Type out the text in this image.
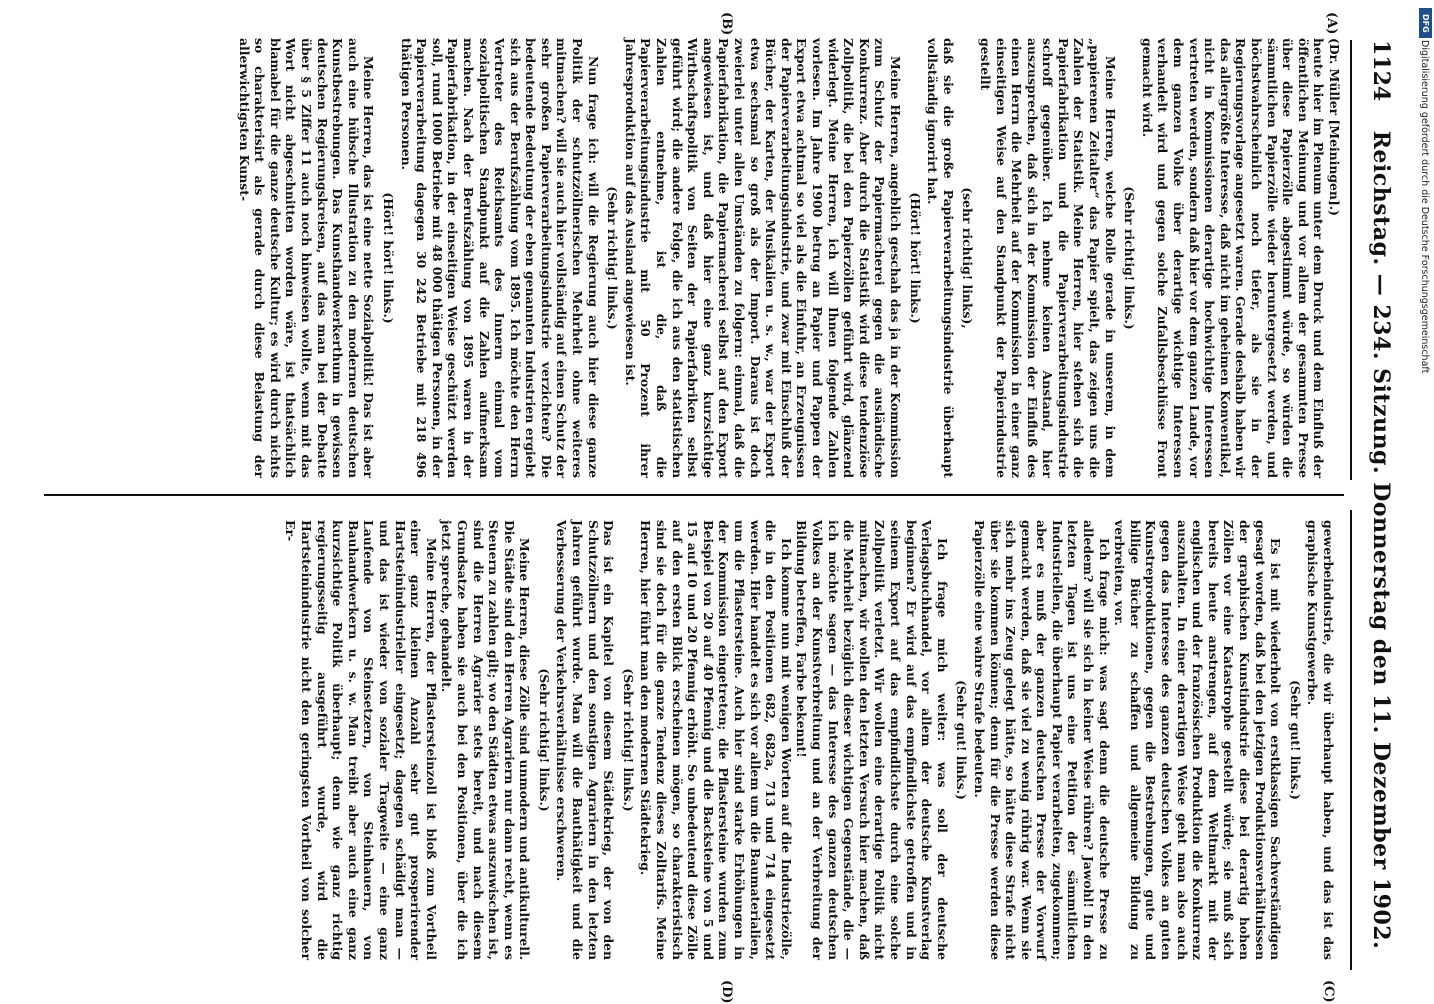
1124
Reichstag. — 234. Sitzung. Donnerstag den 11. Dezember 1902.
(A)
(B)
(C)
(D)

(Dr. Müller [Meiningen].)

heute hier im Plenum unter dem Druck und dem Einfluß der öffentlichen Meinung und vor allem der gesammten Presse über diese Papierzölle abgestimmt würde, so würden die sämmtlichen Papierzölle wieder heruntergesetzt werden, und höchstwahrscheinlich noch tiefer, als sie in der Regierungsvorlage angesetzt waren. Gerade deshalb haben wir das allergrößte Interesse, daß nicht im geheimen Konventikel, nicht in Kommissionen derartige hochwichtige Interessen vertreten werden, sondern daß hier vor dem ganzen Lande, vor dem ganzen Volke über derartige wichtige Interessen verhandelt wird und gegen solche Zufallsbeschlüsse Front gemacht wird.

(Sehr richtig! links.)

Meine Herren, welche Rolle gerade in unserem, in dem „papierenen Zeitalter“ das Papier spielt, das zeigen uns die Zahlen der Statistik. Meine Herren, hier stehen sich die Papierfabrikation und die Papierverarbeitungsindustrie schroff gegenüber. Ich nehme keinen Anstand, hier auszusprechen, daß sich in der Kommission der Einfluß des einen Herrn die Mehrheit auf der Kommission in einer ganz einseitigen Weise auf den Standpunkt der Papierindustrie gestellt

(sehr richtig! links),

daß sie die große Papierverarbeitungsindustrie überhaupt vollständig ignorirt hat.

(Hört! hört! links.)

Meine Herren, angeblich geschah das ja in der Kommission zum Schutz der Papiermacherei gegen die ausländische Konkurrenz. Aber durch die Statistik wird diese tendenziöse Zollpolitik, die bei den Papierzöllen geführt wird, glänzend widerlegt. Meine Herren, ich will Ihnen folgende Zahlen vorlesen. Im Jahre 1900 betrug an Papier und Pappen der Export etwa achtmal so viel als die Einfuhr, an Erzeugnissen der Papierverarbeitungsindustrie, und zwar mit Einschluß der Bücher, der Karten, der Musikalien u. s. w., war der Export etwa sechsmal so groß als der Import. Daraus ist doch zweierlei unter allen Umständen zu folgern: einmal, daß die Papierfabrikation, die Papiermacherei selbst auf den Export angewiesen ist, und daß hier eine ganz kurzsichtige Wirthschaftspolitik von Seiten der Papierfabriken selbst geführt wird; die andere Folge, die ich aus den statistischen Zahlen entnehme, ist die, daß die Papierverarbeitungsindustrie mit 50 Prozent ihrer Jahresproduktion auf das Ausland angewiesen ist.

(Sehr richtig! links.)

Nun frage ich: will die Regierung auch hier diese ganze Politik der schutzzöllnerischen Mehrheit ohne weiteres mitmachen? will sie auch hier vollständig auf einen Schutz der sehr großen Papierverarbeitungsindustrie verzichten? Die bedeutende Bedeutung der eben genannten Industrien ergiebt sich aus der Berufszählung vom 1895. Ich möchte den Herrn Vertreter des Reichsamts des Innern einmal vom sozialpolitischen Standpunkt auf die Zahlen aufmerksam machen. Nach der Berufszählung von 1895 waren in der Papierfabrikation, in der einseitigen Weise geschützt werden soll, rund 1000 Betriebe mit 48 000 thätigen Personen, in der Papierverarbeitung dagegen 30 242 Betriebe mit 218 496 thätigen Personen.

(Hört! hört! links.)

Meine Herren, das ist eine nette Sozialpolitik! Das ist aber auch eine hübsche Illustration zu den modernen deutschen Kunstbestrebungen. Das Kunsthandwerkerthum in gewissen deutschen Regierungskreisen, auf das man bei der Debatte über § 5 Ziffer 11 auch noch hinweisen wollte, wenn mit das Wort nicht abgeschnitten worden wäre, ist thatsächlich blamabel für die ganze deutsche Kultur; es wird durch nichts so charakterisirt als gerade durch diese Belastung der allerwichtigsten Kunst-

gewerbeindustrie, die wir überhaupt haben, und das ist das graphische Kunstgewerbe.

(Sehr gut! links.)

Es ist mit wiederholt von erstklassigen Sachverständigen gesagt worden, daß bei den jetzigen Produktionsverhältnissen der graphischen Kunstindustrie diese bei derartig hohen Zöllen vor eine Katastrophe gestellt würde; sie muß sich bereits heute anstrengen, auf dem Weltmarkt mit der englischen und der französischen Produktion die Konkurrenz auszuhalten. In einer derartigen Weise geht man also auch gegen das Interesse des ganzen deutschen Volkes an guten Kunstreproduktionen, gegen die Bestrebungen, gute und billige Bücher zu schaffen und allgemeine Bildung zu verbreiten, vor.

Ich frage mich: was sagt denn die deutsche Presse zu alledem? will sie sich in keiner Weise rühren? Jawohl! In den letzten Tagen ist uns eine Petition der sämmtlichen Industriellen, die überhaupt Papier verarbeiten, zugekommen; aber es muß der ganzen deutschen Presse der Vorwurf gemacht werden, daß sie viel zu wenig rührig war. Wenn sie sich mehr ins Zeug gelegt hätte, so hätte diese Strafe nicht über sie kommen können; denn für die Presse werden diese Papierzölle eine wahre Strafe bedeuten.

(Sehr gut! links.)

Ich frage mich weiter: was soll der deutsche Verlagsbuchhandel, vor allem der deutsche Kunstverlag beginnen? Er wird auf das empfindlichste getroffen und in seinem Export auf das empfindlichste durch eine solche Zollpolitik verletzt. Wir wollen eine derartige Politik nicht mitmachen, wir wollen den letzten Versuch hier machen, daß die Mehrheit bezüglich dieser wichtigen Gegenstände, die — ich möchte sagen — das Interesse des ganzen deutschen Volkes an der Kunstverbreitung und an der Verbreitung der Bildung betreffen, Farbe bekennt!

Ich komme nun mit wenigen Worten auf die Industriezölle, die in den Positionen 682, 682a, 713 und 714 eingesetzt werden. Hier handelt es sich vor allem um die Baumaterialien, um die Pflastersteine. Auch hier sind starke Erhöhungen in der Kommission eingetreten; die Pflastersteine wurden zum Beispiel von 20 auf 40 Pfennig und die Backsteine von 5 und 15 auf 10 und 20 Pfennig erhöht. So unbedeutend diese Zölle auf den ersten Blick erscheinen mögen, so charakteristisch sind sie doch für die ganze Tendenz dieses Zolltarifs. Meine Herren, hier führt man den modernen Städtekrieg.

(Sehr richtig! links.)

Das ist ein Kapitel von diesem Städtekrieg, der von den Schutzzöllnern und den sonstigen Agrariern in den letzten Jahren geführt wurde. Man will die Bauthätigkeit und die Verbesserung der Verkehrsverhältnisse erschweren.

(Sehr richtig! links.)

Meine Herren, diese Zölle sind unmodern und antikulturell. Die Städte sind den Herren Agrariern nur dann recht, wenn es Steuern zu zahlen gilt; wo den Städten etwas auszuwischen ist, sind die Herren Agrarier stets bereit, und nach diesem Grundsatze haben sie auch bei den Positionen, über die ich jetzt spreche, gehandelt.

Meine Herren, der Pflastersteinzoll ist bloß zum Vortheil einer ganz kleinen Anzahl sehr gut prosperirender Hartsteinindustrieller eingesetzt; dagegen schädigt man — und das ist wieder von sozialer Tragweite — eine ganz Laufende von Steinsetzern, von Steinhauern, von Bauhandwerkern u. s. w. Man treibt aber auch eine ganz kurzsichtige Politik überhaupt; denn wie ganz richtig regierungsseitig ausgeführt wurde, wird die Hartsteinindustrie nicht den geringsten Vortheil von solcher Er-

DFG
Digitalisierung gefördert durch die Deutsche Forschungsgemeinschaft
